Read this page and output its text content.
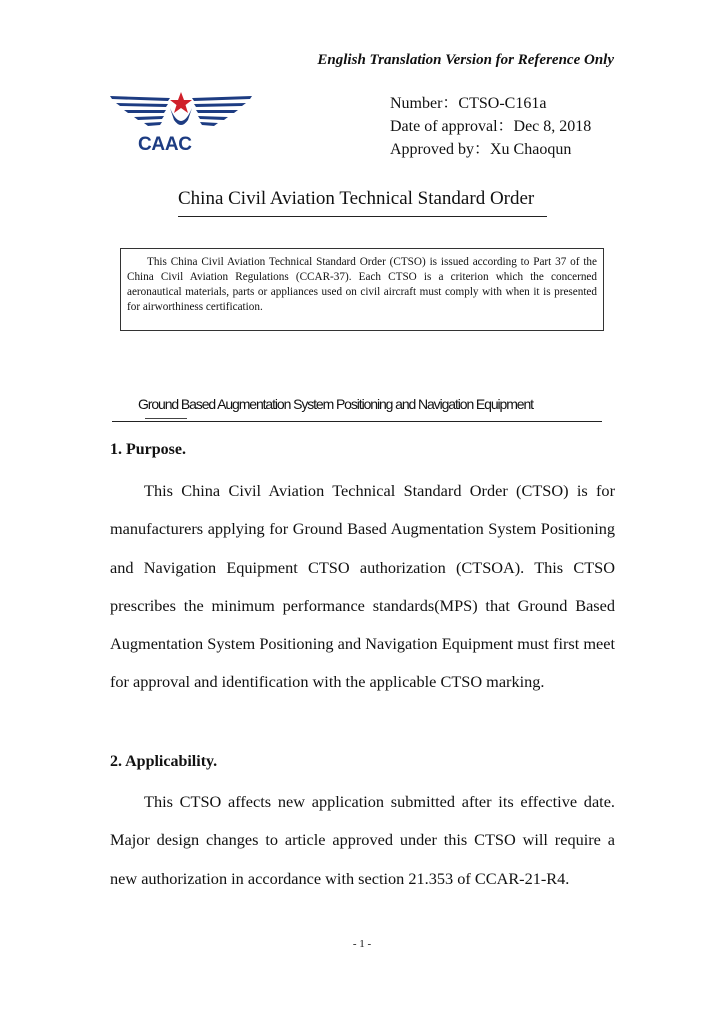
English Translation Version for Reference Only
CAAC
Number：CTSO-C161a
Date of approval：Dec 8, 2018
Approved by：Xu Chaoqun
China Civil Aviation Technical Standard Order
This China Civil Aviation Technical Standard Order (CTSO) is issued according to Part 37 of the China Civil Aviation Regulations (CCAR-37). Each CTSO is a criterion which the concerned aeronautical materials, parts or appliances used on civil aircraft must comply with when it is presented for airworthiness certification.
Ground Based Augmentation System Positioning and Navigation Equipment
1. Purpose.
This China Civil Aviation Technical Standard Order (CTSO) is for manufacturers applying for Ground Based Augmentation System Positioning and Navigation Equipment CTSO authorization (CTSOA). This CTSO prescribes the minimum performance standards(MPS) that Ground Based Augmentation System Positioning and Navigation Equipment must first meet for approval and identification with the applicable CTSO marking.
2. Applicability.
This CTSO affects new application submitted after its effective date. Major design changes to article approved under this CTSO will require a new authorization in accordance with section 21.353 of CCAR-21-R4.
- 1 -
